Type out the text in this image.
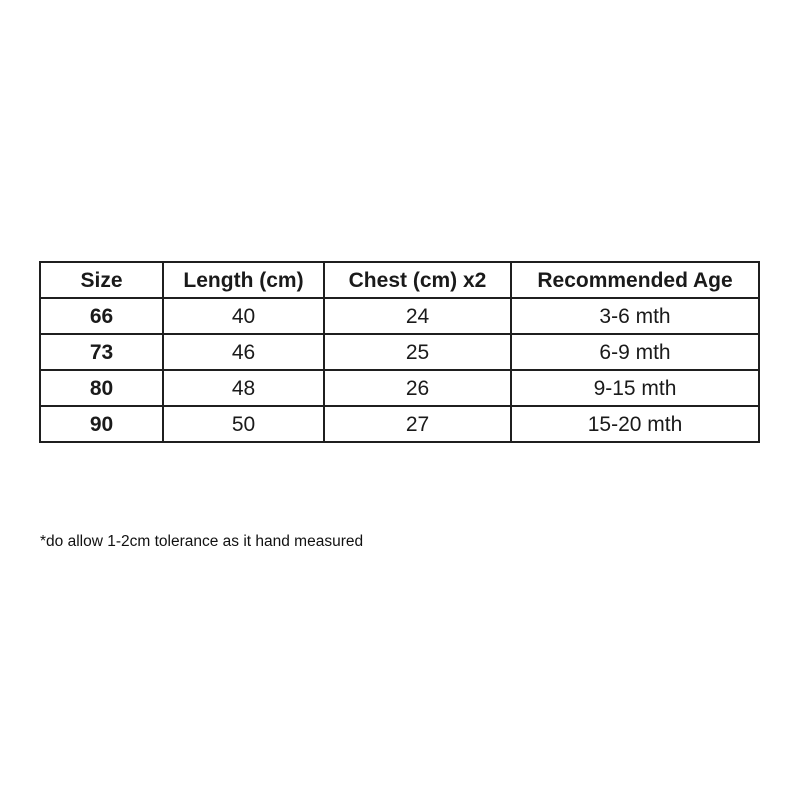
Size	Length (cm)	Chest (cm) x2	Recommended Age
66	40	24	3-6 mth
73	46	25	6-9 mth
80	48	26	9-15 mth
90	50	27	15-20 mth
*do allow 1-2cm tolerance as it hand measured
